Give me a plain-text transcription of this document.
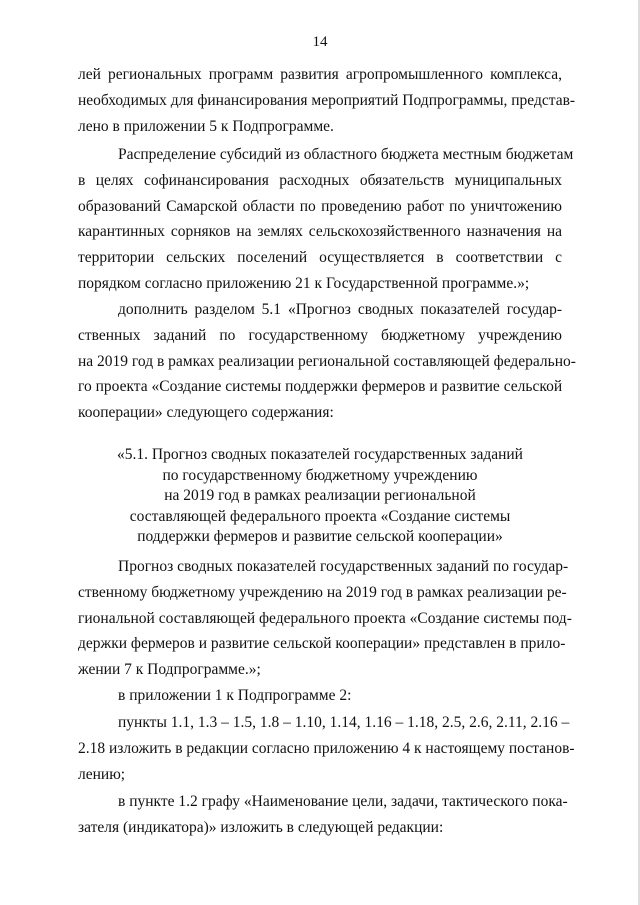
14
лей региональных программ развития агропромышленного комплекса,
необходимых для финансирования мероприятий Подпрограммы, представ-
лено в приложении 5 к Подпрограмме.
Распределение субсидий из областного бюджета местным бюджетам
в целях софинансирования расходных обязательств муниципальных
образований Самарской области по проведению работ по уничтожению
карантинных сорняков на землях сельскохозяйственного назначения на
территории сельских поселений осуществляется в соответствии с
порядком согласно приложению 21 к Государственной программе.»;
дополнить разделом 5.1 «Прогноз сводных показателей государ-
ственных заданий по государственному бюджетному учреждению
на 2019 год в рамках реализации региональной составляющей федерально-
го проекта «Создание системы поддержки фермеров и развитие сельской
кооперации» следующего содержания:
«5.1. Прогноз сводных показателей государственных заданий
по государственному бюджетному учреждению
на 2019 год в рамках реализации региональной
составляющей федерального проекта «Создание системы
поддержки фермеров и развитие сельской кооперации»
Прогноз сводных показателей государственных заданий по государ-
ственному бюджетному учреждению на 2019 год в рамках реализации ре-
гиональной составляющей федерального проекта «Создание системы под-
держки фермеров и развитие сельской кооперации» представлен в прило-
жении 7 к Подпрограмме.»;
в приложении 1 к Подпрограмме 2:
пункты 1.1, 1.3 – 1.5, 1.8 – 1.10, 1.14, 1.16 – 1.18, 2.5, 2.6, 2.11, 2.16 –
2.18 изложить в редакции согласно приложению 4 к настоящему постанов-
лению;
в пункте 1.2 графу «Наименование цели, задачи, тактического пока-
зателя (индикатора)» изложить в следующей редакции:
